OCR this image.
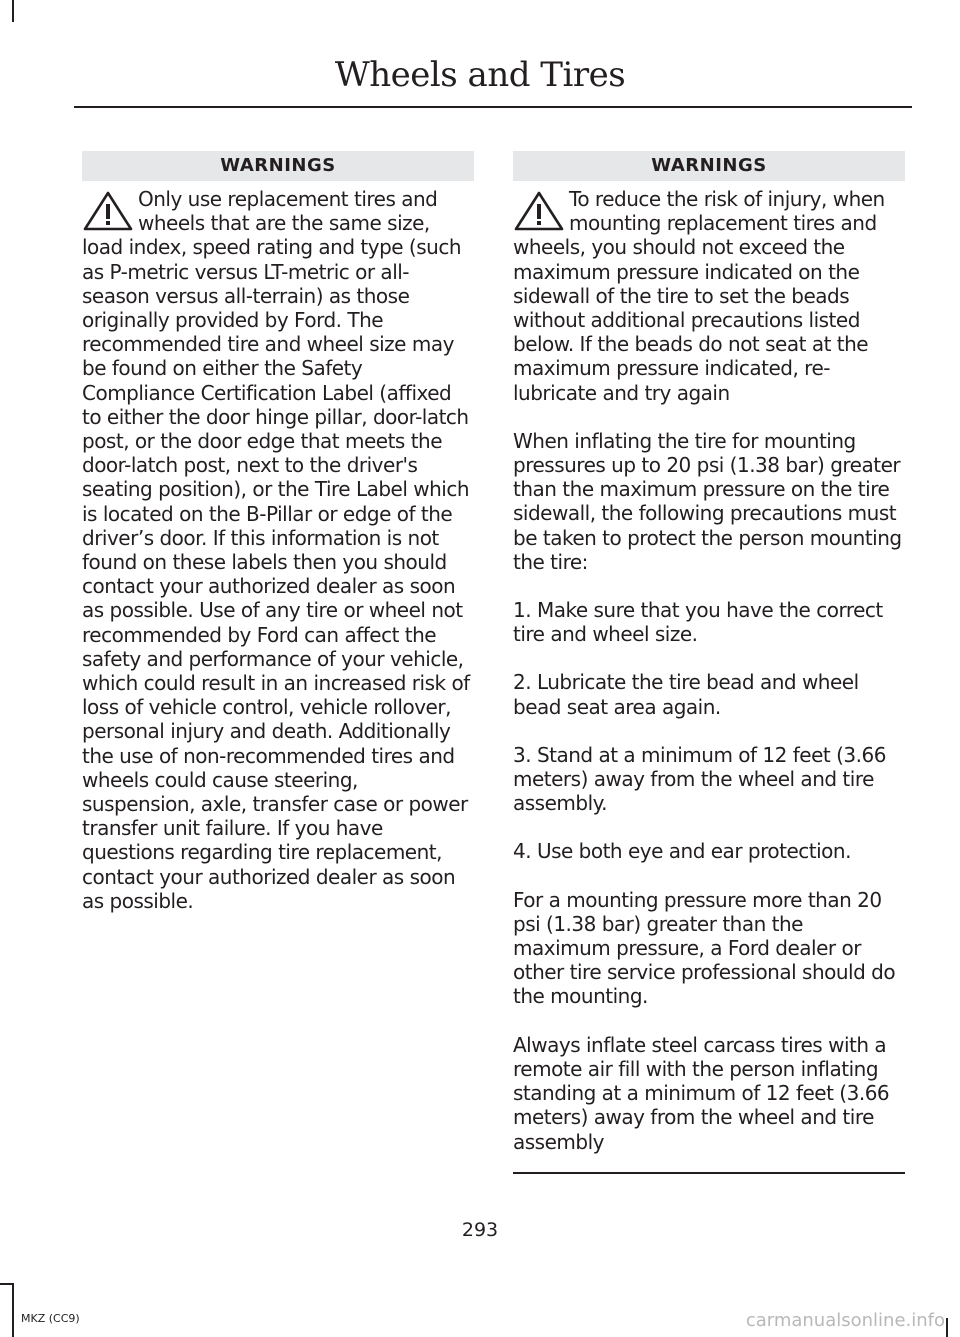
Wheels and Tires
WARNINGS

Only use replacement tires and wheels that are the same size, load index, speed rating and type (such as P-metric versus LT-metric or all-season versus all-terrain) as those originally provided by Ford. The recommended tire and wheel size may be found on either the Safety Compliance Certification Label (affixed to either the door hinge pillar, door-latch post, or the door edge that meets the door-latch post, next to the driver's seating position), or the Tire Label which is located on the B-Pillar or edge of the driver’s door. If this information is not found on these labels then you should contact your authorized dealer as soon as possible. Use of any tire or wheel not recommended by Ford can affect the safety and performance of your vehicle, which could result in an increased risk of loss of vehicle control, vehicle rollover, personal injury and death. Additionally the use of non-recommended tires and wheels could cause steering, suspension, axle, transfer case or power transfer unit failure. If you have questions regarding tire replacement, contact your authorized dealer as soon as possible.

WARNINGS

To reduce the risk of injury, when mounting replacement tires and wheels, you should not exceed the maximum pressure indicated on the sidewall of the tire to set the beads without additional precautions listed below. If the beads do not seat at the maximum pressure indicated, re-lubricate and try again

When inflating the tire for mounting pressures up to 20 psi (1.38 bar) greater than the maximum pressure on the tire sidewall, the following precautions must be taken to protect the person mounting the tire:

1. Make sure that you have the correct tire and wheel size.

2. Lubricate the tire bead and wheel bead seat area again.

3. Stand at a minimum of 12 feet (3.66 meters) away from the wheel and tire assembly.

4. Use both eye and ear protection.

For a mounting pressure more than 20 psi (1.38 bar) greater than the maximum pressure, a Ford dealer or other tire service professional should do the mounting.

Always inflate steel carcass tires with a remote air fill with the person inflating standing at a minimum of 12 feet (3.66 meters) away from the wheel and tire assembly

293
MKZ (CC9)	carmanualsonline.info
